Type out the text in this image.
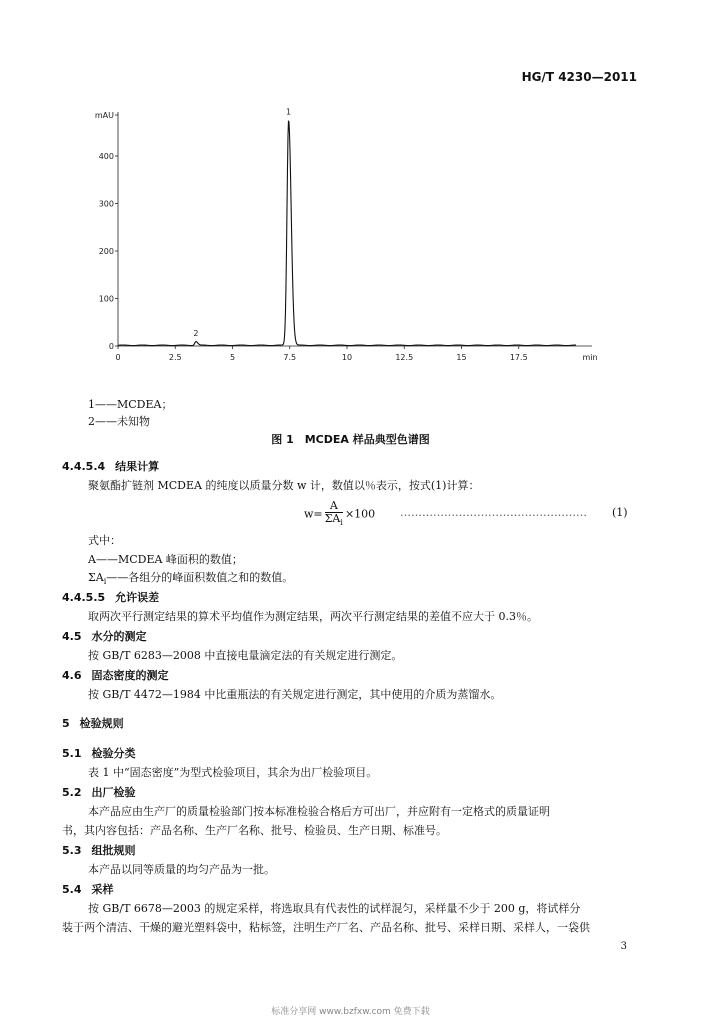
HG/T 4230—2011
0
100
200
300
400
mAU
0	2.5	5	7.5	10	12.5	15	17.5	min
2
1
1——MCDEA；
2——未知物
图 1　MCDEA 样品典型色谱图
4.4.5.4 结果计算
聚氨酯扩链剂 MCDEA 的纯度以质量分数 w 计，数值以％表示，按式(1)计算：
$w= \frac{A}{\Sigma A_i} \times 100$ …………………………………………… (1)
式中：
A——MCDEA 峰面积的数值；
$\Sigma A_i——$各组分的峰面积数值之和的数值。
4.4.5.5 允许误差
取两次平行测定结果的算术平均值作为测定结果，两次平行测定结果的差值不应大于 0.3％。
4.5 水分的测定
按 GB/T 6283—2008 中直接电量滴定法的有关规定进行测定。
4.6 固态密度的测定
按 GB/T 4472—1984 中比重瓶法的有关规定进行测定，其中使用的介质为蒸馏水。
5 检验规则
5.1 检验分类
表 1 中“固态密度”为型式检验项目，其余为出厂检验项目。
5.2 出厂检验
本产品应由生产厂的质量检验部门按本标准检验合格后方可出厂，并应附有一定格式的质量证明
书，其内容包括：产品名称、生产厂名称、批号、检验员、生产日期、标准号。
5.3 组批规则
本产品以同等质量的均匀产品为一批。
5.4 采样
按 GB/T 6678—2003 的规定采样，将选取具有代表性的试样混匀，采样量不少于 200 g，将试样分
装于两个清洁、干燥的避光塑料袋中，粘标签，注明生产厂名、产品名称、批号、采样日期、采样人，一袋供
3
标准分享网 www.bzfxw.com 免费下载
